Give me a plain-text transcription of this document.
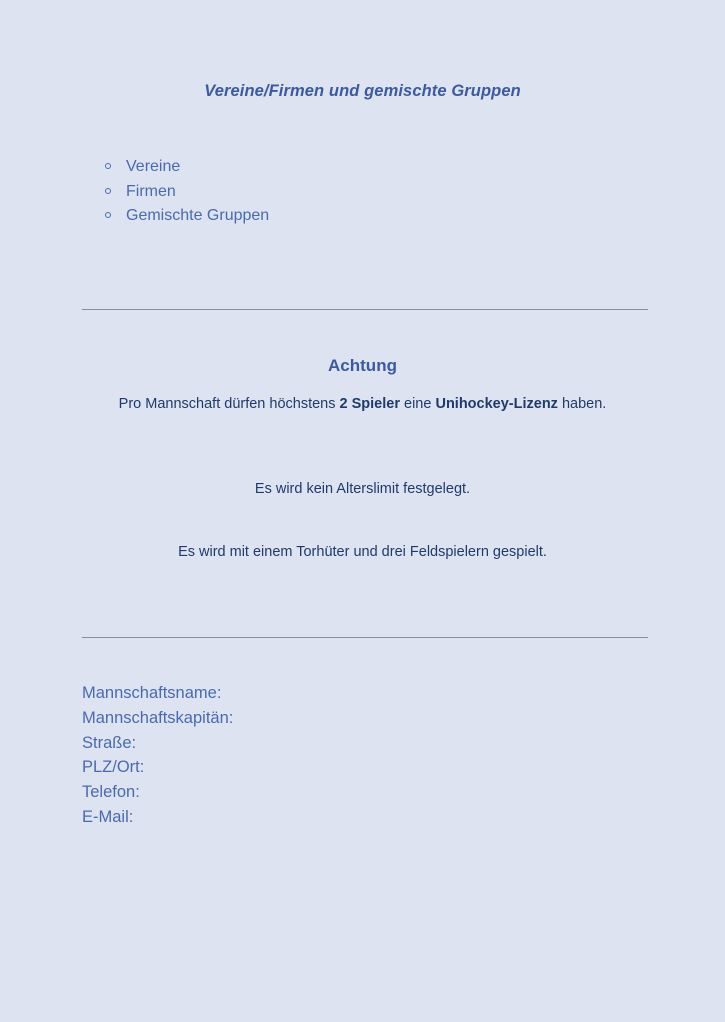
Vereine/Firmen und gemischte Gruppen
Vereine
Firmen
Gemischte Gruppen
Achtung
Pro Mannschaft dürfen höchstens 2 Spieler eine Unihockey-Lizenz haben.
Es wird kein Alterslimit festgelegt.
Es wird mit einem Torhüter und drei Feldspielern gespielt.
Mannschaftsname:
Mannschaftskapitän:
Straße:
PLZ/Ort:
Telefon:
E-Mail:
